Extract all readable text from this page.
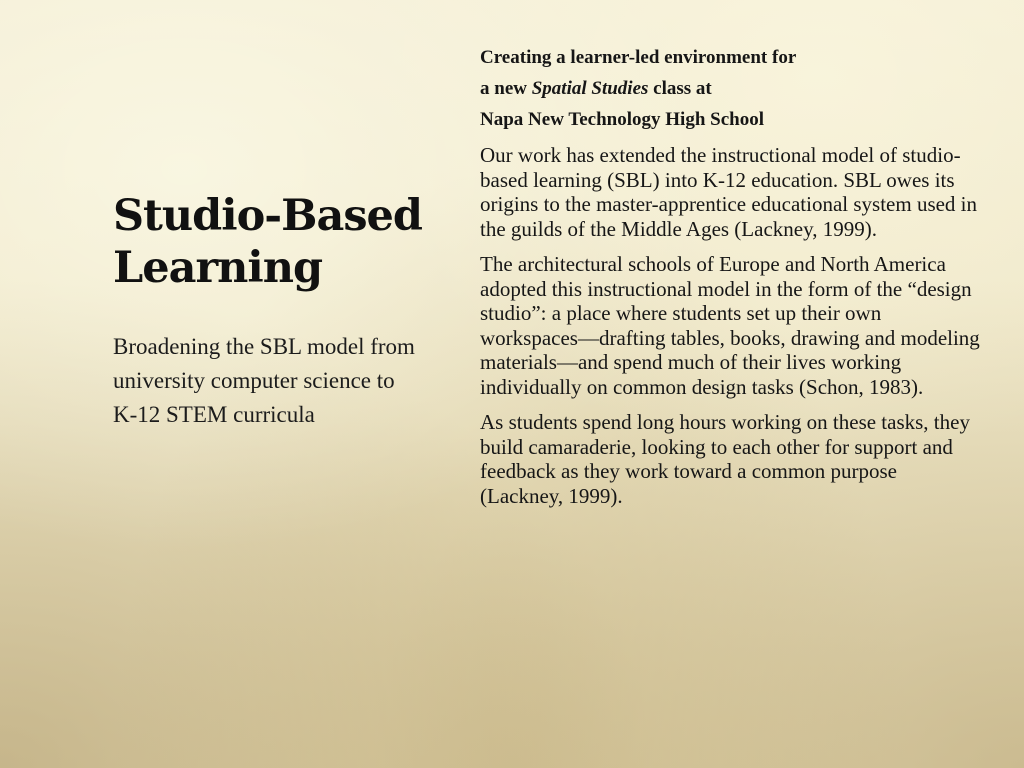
Studio-Based Learning

Broadening the SBL model from university computer science to K-12 STEM curricula

Creating a learner-led environment for

a new Spatial Studies class at

Napa New Technology High School

Our work has extended the instructional model of studio-based learning (SBL) into K-12 education. SBL owes its origins to the master-apprentice educational system used in the guilds of the Middle Ages (Lackney, 1999).

The architectural schools of Europe and North America adopted this instructional model in the form of the “design studio”: a place where students set up their own workspaces—drafting tables, books, drawing and modeling materials—and spend much of their lives working individually on common design tasks (Schon, 1983).

As students spend long hours working on these tasks, they build camaraderie, looking to each other for support and feedback as they work toward a common purpose (Lackney, 1999).
